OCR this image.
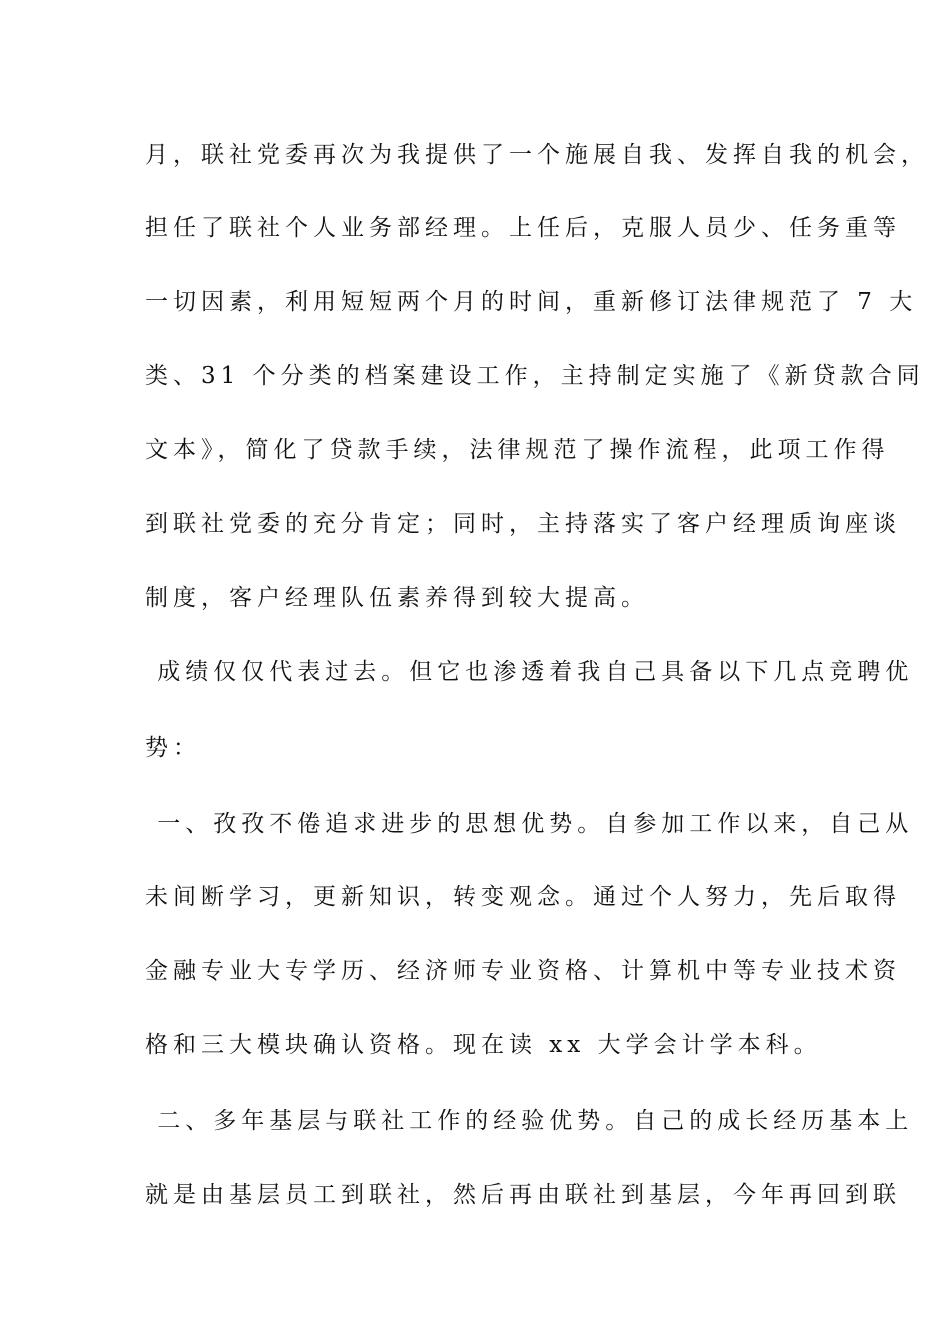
月，联社党委再次为我提供了一个施展自我、发挥自我的机会，

担任了联社个人业务部经理。上任后，克服人员少、任务重等

一切因素，利用短短两个月的时间，重新修订法律规范了 7 大

类、31 个分类的档案建设工作，主持制定实施了《新贷款合同

文本》，简化了贷款手续，法律规范了操作流程，此项工作得

到联社党委的充分肯定；同时，主持落实了客户经理质询座谈

制度，客户经理队伍素养得到较大提高。

成绩仅仅代表过去。但它也渗透着我自己具备以下几点竞聘优

势：

一、孜孜不倦追求进步的思想优势。自参加工作以来，自己从

未间断学习，更新知识，转变观念。通过个人努力，先后取得

金融专业大专学历、经济师专业资格、计算机中等专业技术资

格和三大模块确认资格。现在读 xx 大学会计学本科。

二、多年基层与联社工作的经验优势。自己的成长经历基本上

就是由基层员工到联社，然后再由联社到基层，今年再回到联
